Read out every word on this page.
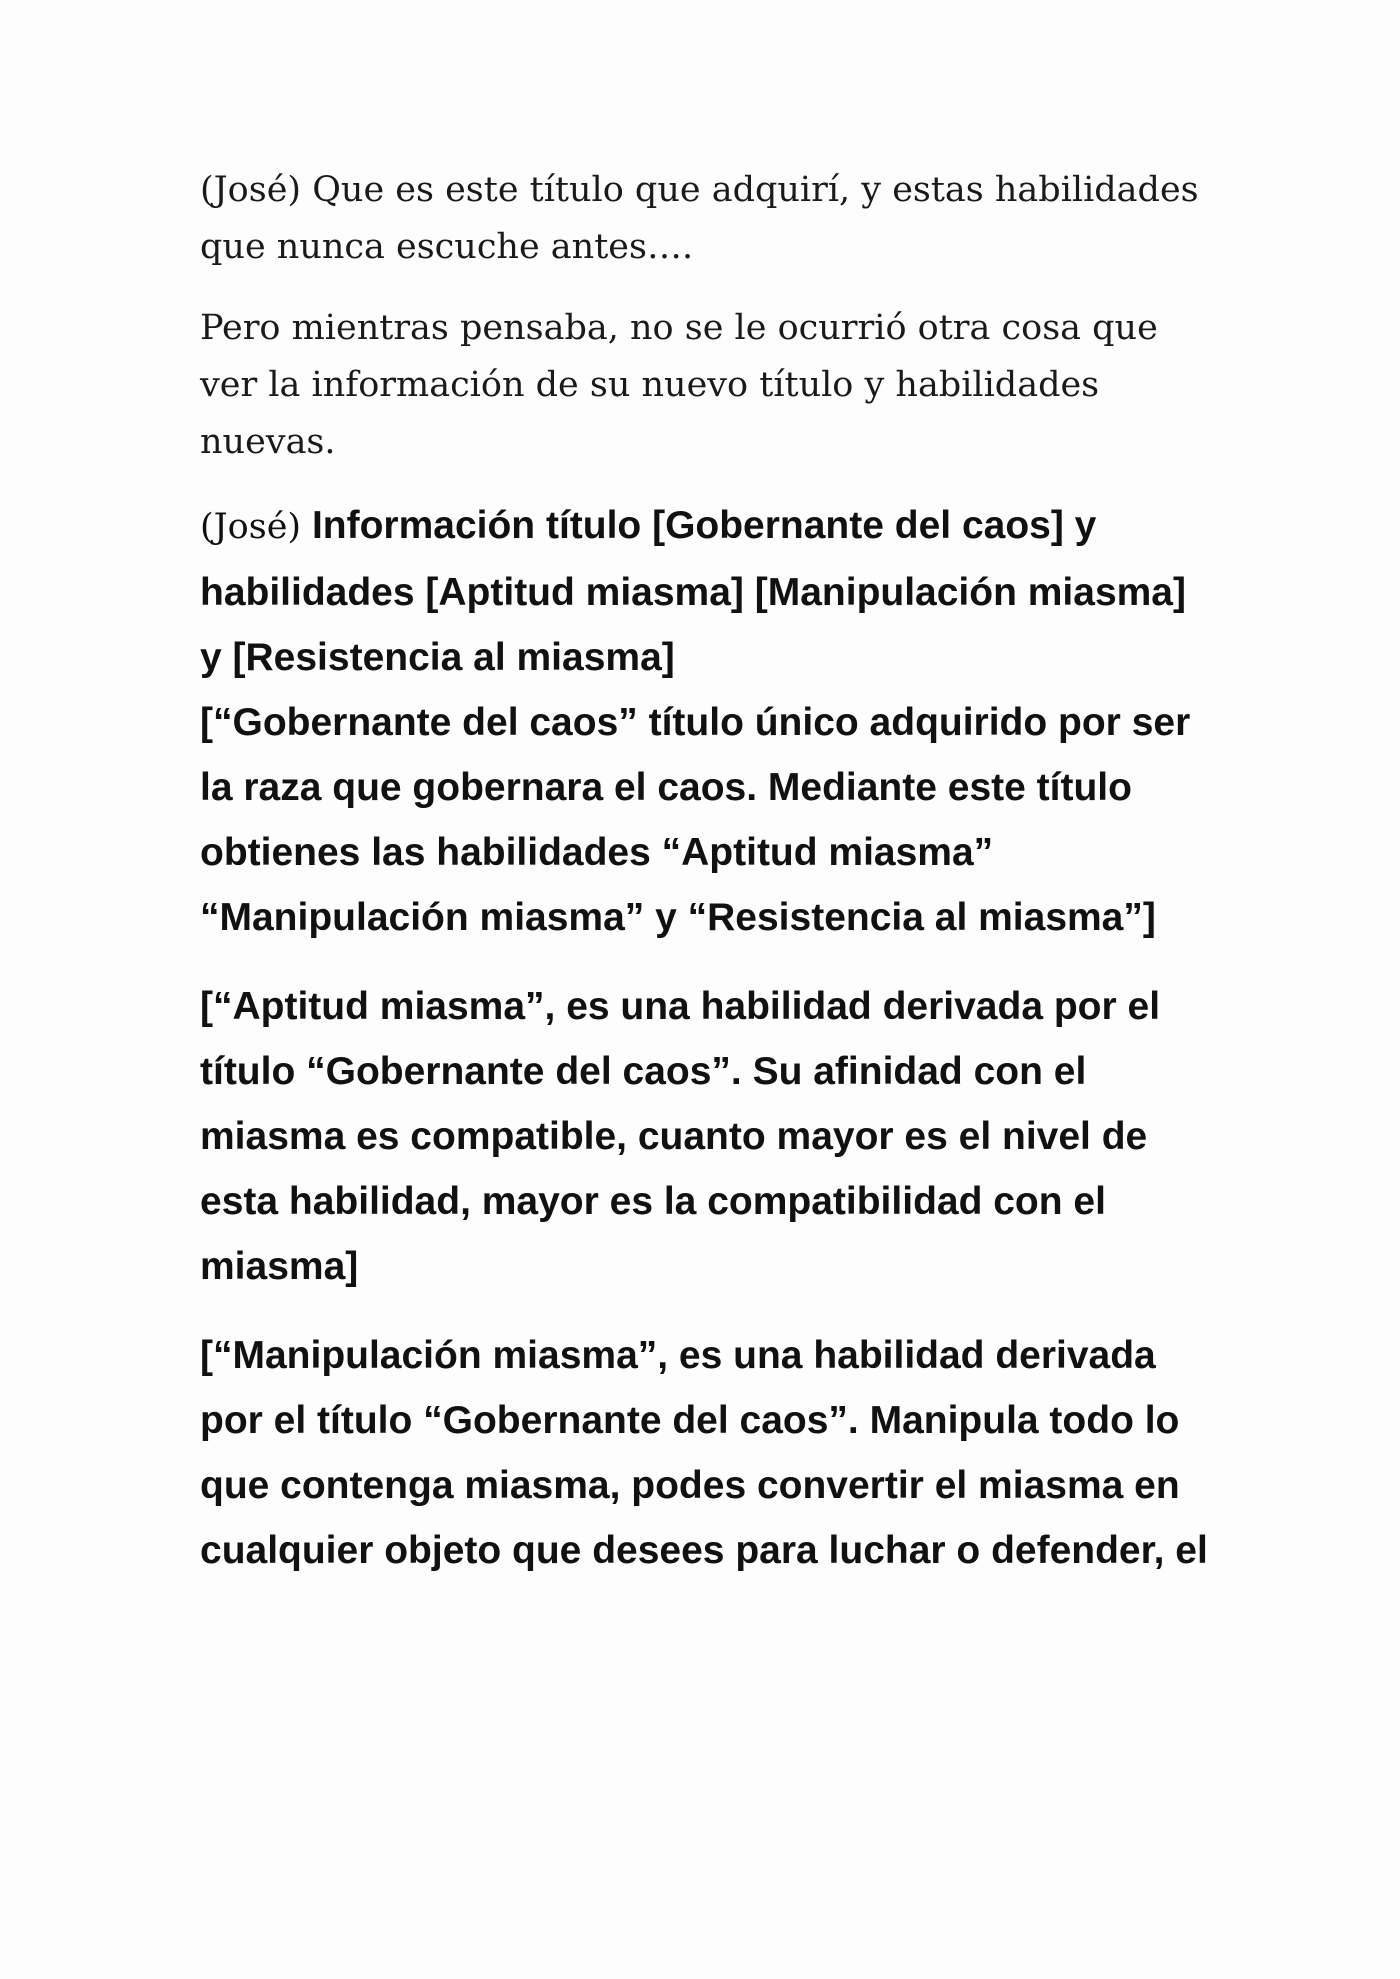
(José) Que es este título que adquirí, y estas habilidades que nunca escuche antes….

Pero mientras pensaba, no se le ocurrió otra cosa que ver la información de su nuevo título y habilidades nuevas.

(José) Información título [Gobernante del caos] y habilidades [Aptitud miasma] [Manipulación miasma] y [Resistencia al miasma]

[“Gobernante del caos” título único adquirido por ser la raza que gobernara el caos. Mediante este título obtienes las habilidades “Aptitud miasma” “Manipulación miasma” y “Resistencia al miasma”]

[“Aptitud miasma”, es una habilidad derivada por el título “Gobernante del caos”. Su afinidad con el miasma es compatible, cuanto mayor es el nivel de esta habilidad, mayor es la compatibilidad con el miasma]

[“Manipulación miasma”, es una habilidad derivada por el título “Gobernante del caos”. Manipula todo lo que contenga miasma, podes convertir el miasma en cualquier objeto que desees para luchar o defender, el
